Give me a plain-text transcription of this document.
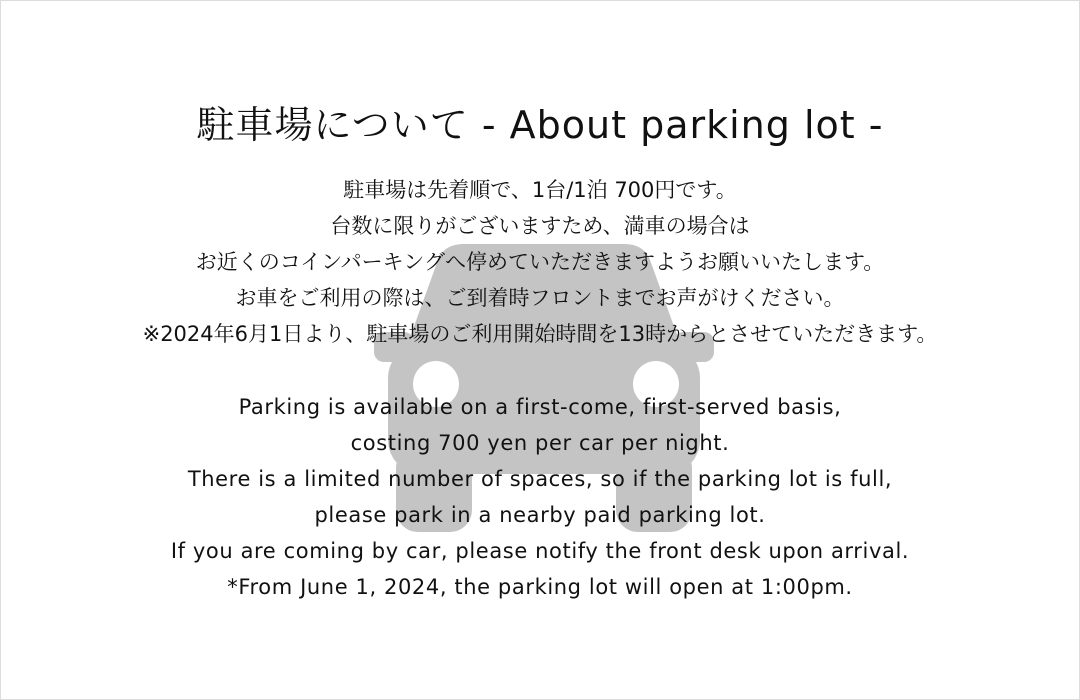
駐車場について - About parking lot -
駐車場は先着順で、1台/1泊 700円です。
台数に限りがございますため、満車の場合は
お近くのコインパーキングへ停めていただきますようお願いいたします。
お車をご利用の際は、ご到着時フロントまでお声がけください。
※2024年6月1日より、駐車場のご利用開始時間を13時からとさせていただきます。
Parking is available on a first-come, first-served basis,
costing 700 yen per car per night.
There is a limited number of spaces, so if the parking lot is full,
please park in a nearby paid parking lot.
If you are coming by car, please notify the front desk upon arrival.
*From June 1, 2024, the parking lot will open at 1:00pm.
